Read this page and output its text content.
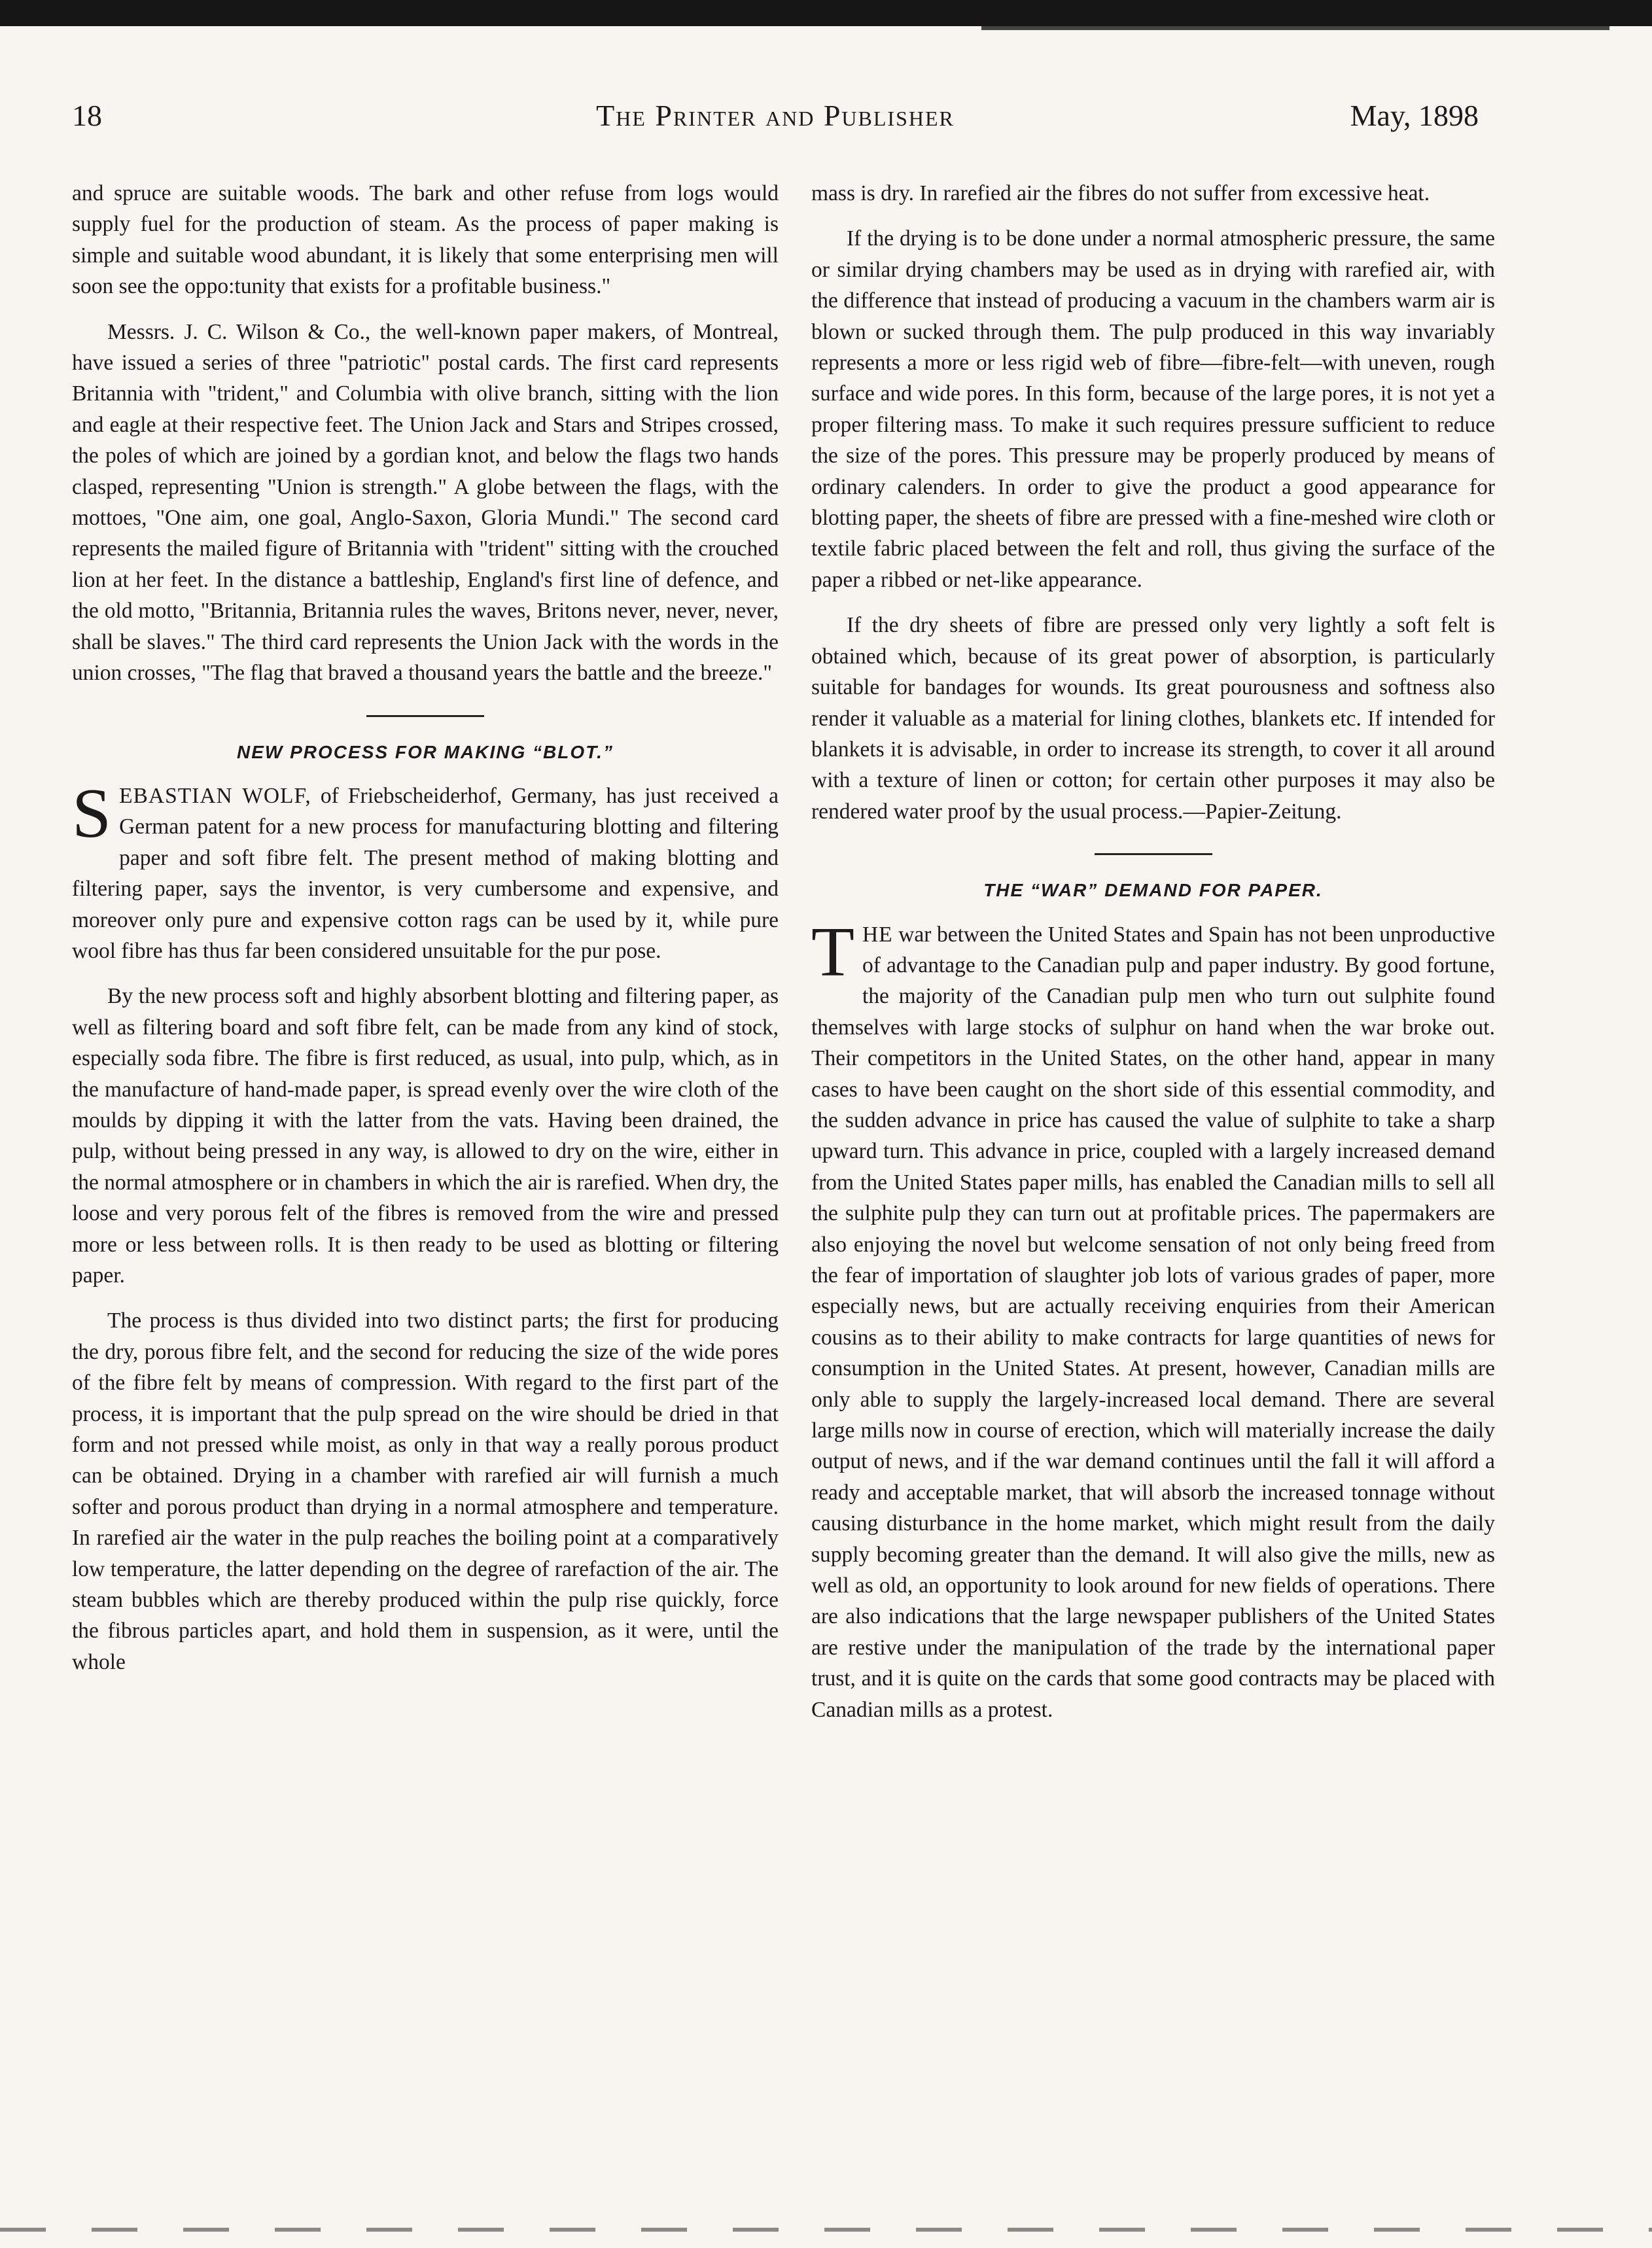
18	The Printer and Publisher	May, 1898

and spruce are suitable woods. The bark and other refuse from logs would supply fuel for the production of steam. As the process of paper making is simple and suitable wood abundant, it is likely that some enterprising men will soon see the oppo:tunity that exists for a profitable business."

Messrs. J. C. Wilson & Co., the well-known paper makers, of Montreal, have issued a series of three "patriotic" postal cards. The first card represents Britannia with "trident," and Columbia with olive branch, sitting with the lion and eagle at their respective feet. The Union Jack and Stars and Stripes crossed, the poles of which are joined by a gordian knot, and below the flags two hands clasped, representing "Union is strength." A globe between the flags, with the mottoes, "One aim, one goal, Anglo-Saxon, Gloria Mundi." The second card represents the mailed figure of Britannia with "trident" sitting with the crouched lion at her feet. In the distance a battleship, England's first line of defence, and the old motto, "Britannia, Britannia rules the waves, Britons never, never, never, shall be slaves." The third card represents the Union Jack with the words in the union crosses, "The flag that braved a thousand years the battle and the breeze."

NEW PROCESS FOR MAKING “BLOT.”

SEBASTIAN WOLF, of Friebscheiderhof, Germany, has just received a German patent for a new process for manufacturing blotting and filtering paper and soft fibre felt. The present method of making blotting and filtering paper, says the inventor, is very cumbersome and expensive, and moreover only pure and expensive cotton rags can be used by it, while pure wool fibre has thus far been considered unsuitable for the pur pose.

By the new process soft and highly absorbent blotting and filtering paper, as well as filtering board and soft fibre felt, can be made from any kind of stock, especially soda fibre. The fibre is first reduced, as usual, into pulp, which, as in the manufacture of hand-made paper, is spread evenly over the wire cloth of the moulds by dipping it with the latter from the vats. Having been drained, the pulp, without being pressed in any way, is allowed to dry on the wire, either in the normal atmosphere or in chambers in which the air is rarefied. When dry, the loose and very porous felt of the fibres is removed from the wire and pressed more or less between rolls. It is then ready to be used as blotting or filtering paper.

The process is thus divided into two distinct parts; the first for producing the dry, porous fibre felt, and the second for reducing the size of the wide pores of the fibre felt by means of compression. With regard to the first part of the process, it is important that the pulp spread on the wire should be dried in that form and not pressed while moist, as only in that way a really porous product can be obtained. Drying in a chamber with rarefied air will furnish a much softer and porous product than drying in a normal atmosphere and temperature. In rarefied air the water in the pulp reaches the boiling point at a comparatively low temperature, the latter depending on the degree of rarefaction of the air. The steam bubbles which are thereby produced within the pulp rise quickly, force the fibrous particles apart, and hold them in suspension, as it were, until the whole

mass is dry. In rarefied air the fibres do not suffer from excessive heat.

If the drying is to be done under a normal atmospheric pressure, the same or similar drying chambers may be used as in drying with rarefied air, with the difference that instead of producing a vacuum in the chambers warm air is blown or sucked through them. The pulp produced in this way invariably represents a more or less rigid web of fibre—fibre-felt—with uneven, rough surface and wide pores. In this form, because of the large pores, it is not yet a proper filtering mass. To make it such requires pressure sufficient to reduce the size of the pores. This pressure may be properly produced by means of ordinary calenders. In order to give the product a good appearance for blotting paper, the sheets of fibre are pressed with a fine-meshed wire cloth or textile fabric placed between the felt and roll, thus giving the surface of the paper a ribbed or net-like appearance.

If the dry sheets of fibre are pressed only very lightly a soft felt is obtained which, because of its great power of absorption, is particularly suitable for bandages for wounds. Its great pourousness and softness also render it valuable as a material for lining clothes, blankets etc. If intended for blankets it is advisable, in order to increase its strength, to cover it all around with a texture of linen or cotton; for certain other purposes it may also be rendered water proof by the usual process.—Papier-Zeitung.

THE “WAR” DEMAND FOR PAPER.

THE war between the United States and Spain has not been unproductive of advantage to the Canadian pulp and paper industry. By good fortune, the majority of the Canadian pulp men who turn out sulphite found themselves with large stocks of sulphur on hand when the war broke out. Their competitors in the United States, on the other hand, appear in many cases to have been caught on the short side of this essential commodity, and the sudden advance in price has caused the value of sulphite to take a sharp upward turn. This advance in price, coupled with a largely increased demand from the United States paper mills, has enabled the Canadian mills to sell all the sulphite pulp they can turn out at profitable prices. The papermakers are also enjoying the novel but welcome sensation of not only being freed from the fear of importation of slaughter job lots of various grades of paper, more especially news, but are actually receiving enquiries from their American cousins as to their ability to make contracts for large quantities of news for consumption in the United States. At present, however, Canadian mills are only able to supply the largely-increased local demand. There are several large mills now in course of erection, which will materially increase the daily output of news, and if the war demand continues until the fall it will afford a ready and acceptable market, that will absorb the increased tonnage without causing disturbance in the home market, which might result from the daily supply becoming greater than the demand. It will also give the mills, new as well as old, an opportunity to look around for new fields of operations. There are also indications that the large newspaper publishers of the United States are restive under the manipulation of the trade by the international paper trust, and it is quite on the cards that some good contracts may be placed with Canadian mills as a protest.
